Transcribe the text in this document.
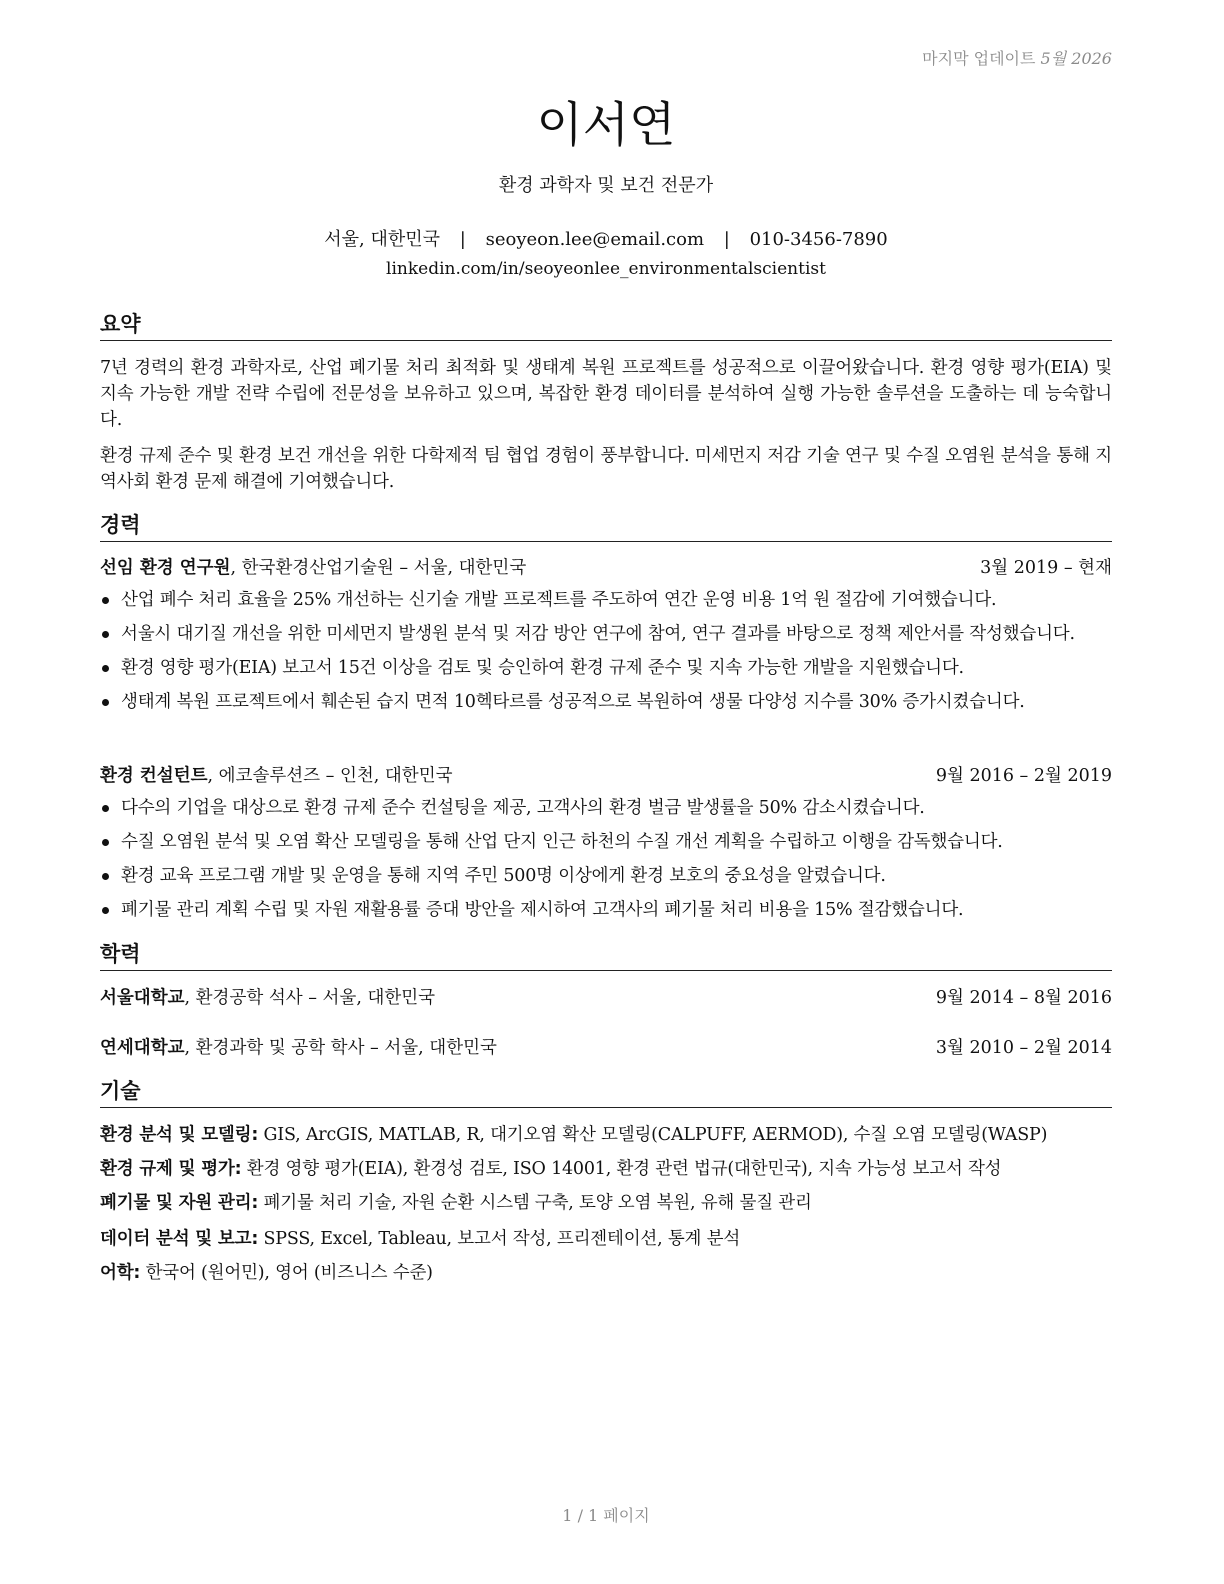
마지막 업데이트 5월 2026
이서연
환경 과학자 및 보건 전문가
서울, 대한민국 | seoyeon.lee@email.com | 010-3456-7890
linkedin.com/in/seoyeonlee_environmentalscientist
요약
7년 경력의 환경 과학자로, 산업 폐기물 처리 최적화 및 생태계 복원 프로젝트를 성공적으로 이끌어왔습니다. 환경 영향 평가(EIA) 및 지속 가능한 개발 전략 수립에 전문성을 보유하고 있으며, 복잡한 환경 데이터를 분석하여 실행 가능한 솔루션을 도출하는 데 능숙합니다.
환경 규제 준수 및 환경 보건 개선을 위한 다학제적 팀 협업 경험이 풍부합니다. 미세먼지 저감 기술 연구 및 수질 오염원 분석을 통해 지역사회 환경 문제 해결에 기여했습니다.
경력
선임 환경 연구원, 한국환경산업기술원 – 서울, 대한민국	3월 2019 – 현재
산업 폐수 처리 효율을 25% 개선하는 신기술 개발 프로젝트를 주도하여 연간 운영 비용 1억 원 절감에 기여했습니다.
서울시 대기질 개선을 위한 미세먼지 발생원 분석 및 저감 방안 연구에 참여, 연구 결과를 바탕으로 정책 제안서를 작성했습니다.
환경 영향 평가(EIA) 보고서 15건 이상을 검토 및 승인하여 환경 규제 준수 및 지속 가능한 개발을 지원했습니다.
생태계 복원 프로젝트에서 훼손된 습지 면적 10헥타르를 성공적으로 복원하여 생물 다양성 지수를 30% 증가시켰습니다.
환경 컨설턴트, 에코솔루션즈 – 인천, 대한민국	9월 2016 – 2월 2019
다수의 기업을 대상으로 환경 규제 준수 컨설팅을 제공, 고객사의 환경 벌금 발생률을 50% 감소시켰습니다.
수질 오염원 분석 및 오염 확산 모델링을 통해 산업 단지 인근 하천의 수질 개선 계획을 수립하고 이행을 감독했습니다.
환경 교육 프로그램 개발 및 운영을 통해 지역 주민 500명 이상에게 환경 보호의 중요성을 알렸습니다.
폐기물 관리 계획 수립 및 자원 재활용률 증대 방안을 제시하여 고객사의 폐기물 처리 비용을 15% 절감했습니다.
학력
서울대학교, 환경공학 석사 – 서울, 대한민국	9월 2014 – 8월 2016
연세대학교, 환경과학 및 공학 학사 – 서울, 대한민국	3월 2010 – 2월 2014
기술
환경 분석 및 모델링: GIS, ArcGIS, MATLAB, R, 대기오염 확산 모델링(CALPUFF, AERMOD), 수질 오염 모델링(WASP)
환경 규제 및 평가: 환경 영향 평가(EIA), 환경성 검토, ISO 14001, 환경 관련 법규(대한민국), 지속 가능성 보고서 작성
폐기물 및 자원 관리: 폐기물 처리 기술, 자원 순환 시스템 구축, 토양 오염 복원, 유해 물질 관리
데이터 분석 및 보고: SPSS, Excel, Tableau, 보고서 작성, 프리젠테이션, 통계 분석
어학: 한국어 (원어민), 영어 (비즈니스 수준)
1 / 1 페이지
